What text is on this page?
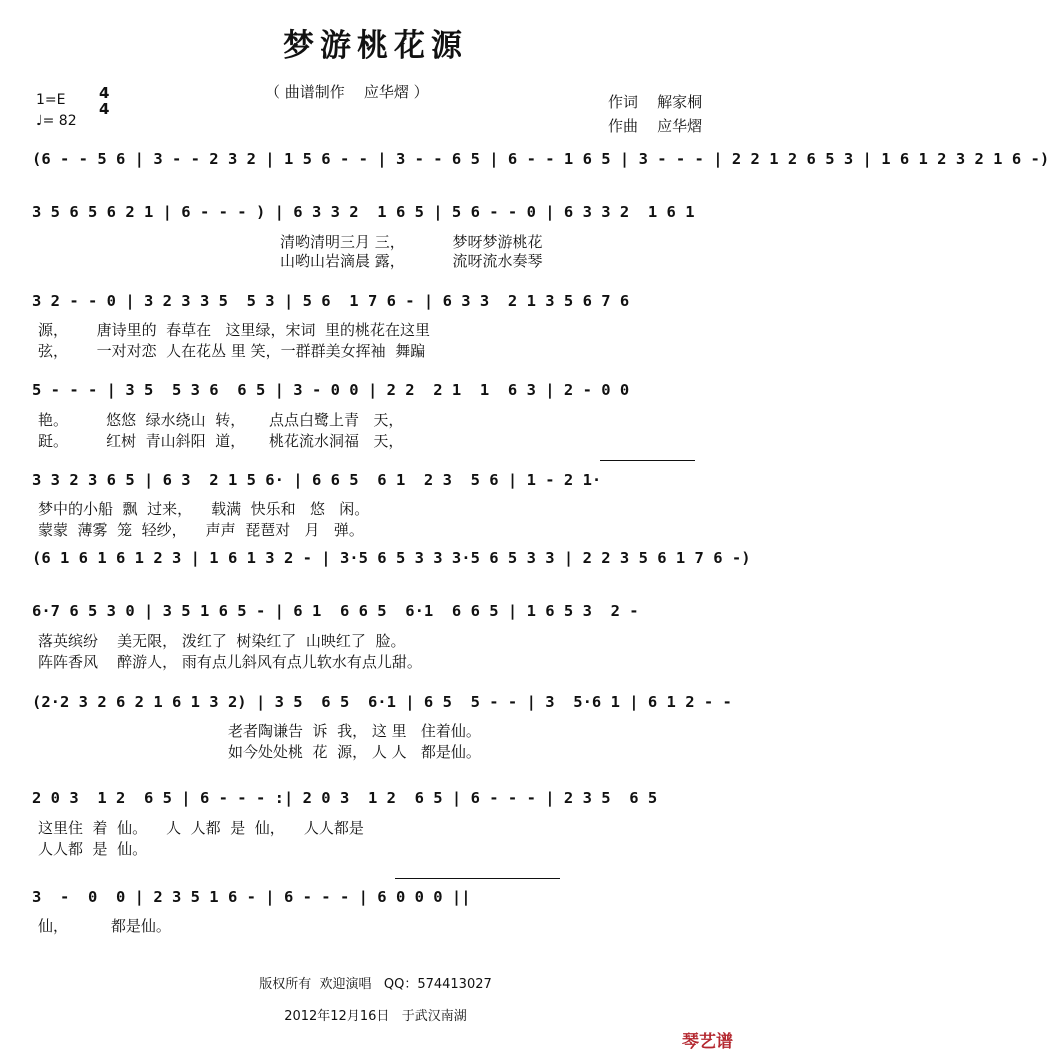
梦游桃花源
（ 曲谱制作    应华熠 ）
作词    解家桐
作曲    应华熠
1=E
♩= 82
4
4
(6 - - 5 6 | 3 - - 2 3 2 | 1 5 6 - - | 3 - - 6 5 | 6 - - 1 6 5 | 3 - - - | 2 2 1 2 6 5 3 | 1 6 1 2 3 2 1 6 -)
3 5 6 5 6 2 1 | 6 - - - ) | 6 3 3 2  1 6 5 | 5 6 - - 0 | 6 3 3 2  1 6 1
清哟清明三月 三，          梦呀梦游桃花
山哟山岩滴晨 露，          流呀流水奏琴
3 2 - - 0 | 3 2 3 3 5  5 3 | 5 6  1 7 6 - | 6 3 3  2 1 3 5 6 7 6
源，      唐诗里的  春草在   这里绿，宋词  里的桃花在这里
弦，      一对对恋  人在花丛 里 笑，一群群美女挥袖  舞蹁
5 - - - | 3 5  5 3 6  6 5 | 3 - 0 0 | 2 2  2 1  1  6 3 | 2 - 0 0
艳。        悠悠  绿水绕山  转，     点点白鹭上青   天，
跹。        红树  青山斜阳  道，     桃花流水洞福   天，
3 3 2 3 6 5 | 6 3  2 1 5 6· | 6 6 5  6 1  2 3  5 6 | 1 - 2 1·
梦中的小船  飘  过来，    载满  快乐和   悠   闲。
蒙蒙  薄雾  笼  轻纱，    声声  琵琶对   月   弹。
(6 1 6 1 6 1 2 3 | 1 6 1 3 2 - | 3·5 6 5 3 3 3·5 6 5 3 3 | 2 2 3 5 6 1 7 6 -)
6·7 6 5 3 0 | 3 5 1 6 5 - | 6 1  6 6 5  6·1  6 6 5 | 1 6 5 3  2 -
落英缤纷    美无限， 泼红了  树染红了  山映红了  脸。
阵阵香风    醉游人， 雨有点儿斜风有点儿软水有点儿甜。
(2·2 3 2 6 2 1 6 1 3 2) | 3 5  6 5  6·1 | 6 5  5 - - | 3  5·6 1 | 6 1 2 - -
老者陶谦告  诉  我， 这 里   住着仙。
如今处处桃  花  源， 人 人   都是仙。
2 0 3  1 2  6 5 | 6 - - - :| 2 0 3  1 2  6 5 | 6 - - - | 2 3 5  6 5
这里住  着  仙。    人  人都  是  仙，    人人都是
人人都  是  仙。
3  -  0  0 | 2 3 5 1 6 - | 6 - - - | 6 0 0 0 ||
仙，         都是仙。
版权所有  欢迎演唱   QQ：574413027
2012年12月16日   于武汉南湖
琴艺谱
